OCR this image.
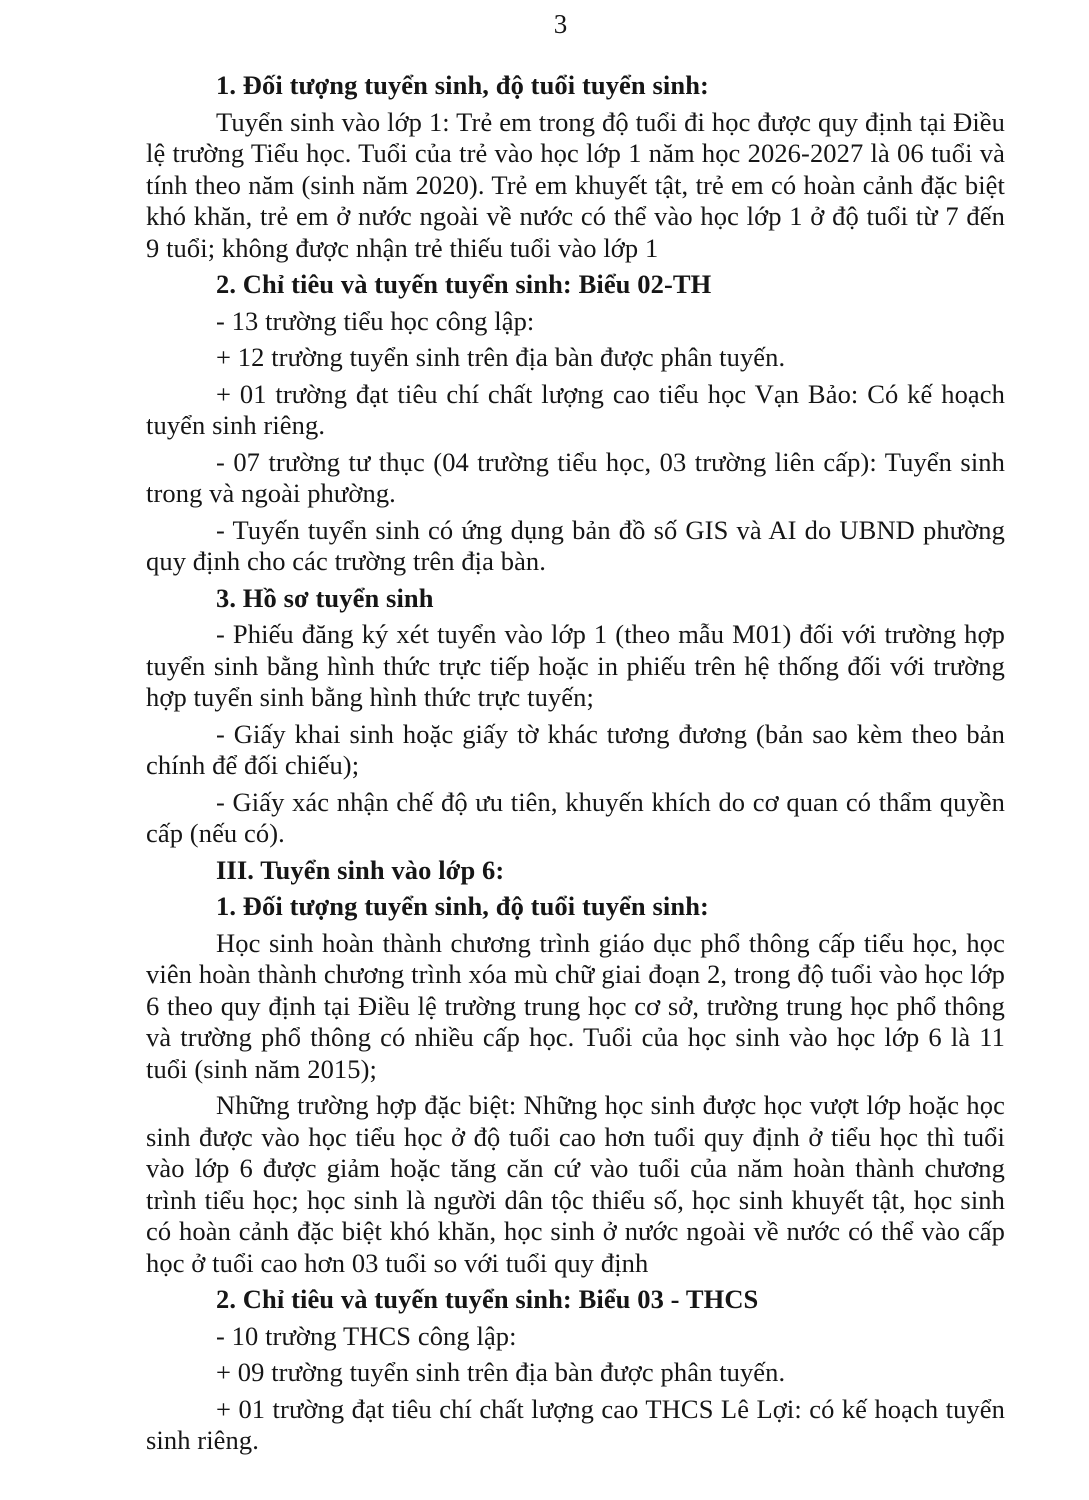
3
1. Đối tượng tuyển sinh, độ tuổi tuyển sinh:
Tuyển sinh vào lớp 1: Trẻ em trong độ tuổi đi học được quy định tại Điều lệ trường Tiểu học. Tuổi của trẻ vào học lớp 1 năm học 2026-2027 là 06 tuổi và tính theo năm (sinh năm 2020). Trẻ em khuyết tật, trẻ em có hoàn cảnh đặc biệt khó khăn, trẻ em ở nước ngoài về nước có thể vào học lớp 1 ở độ tuổi từ 7 đến 9 tuổi; không được nhận trẻ thiếu tuổi vào lớp 1
2. Chỉ tiêu và tuyến tuyển sinh: Biểu 02-TH
- 13 trường tiểu học công lập:
+ 12 trường tuyển sinh trên địa bàn được phân tuyến.
+ 01 trường đạt tiêu chí chất lượng cao tiểu học Vạn Bảo: Có kế hoạch tuyển sinh riêng.
- 07 trường tư thục (04 trường tiểu học, 03 trường liên cấp): Tuyển sinh trong và ngoài phường.
- Tuyến tuyển sinh có ứng dụng bản đồ số GIS và AI do UBND phường quy định cho các trường trên địa bàn.
3. Hồ sơ tuyển sinh
- Phiếu đăng ký xét tuyển vào lớp 1 (theo mẫu M01) đối với trường hợp tuyển sinh bằng hình thức trực tiếp hoặc in phiếu trên hệ thống đối với trường hợp tuyển sinh bằng hình thức trực tuyến;
- Giấy khai sinh hoặc giấy tờ khác tương đương (bản sao kèm theo bản chính để đối chiếu);
- Giấy xác nhận chế độ ưu tiên, khuyến khích do cơ quan có thẩm quyền cấp (nếu có).
III. Tuyển sinh vào lớp 6:
1. Đối tượng tuyển sinh, độ tuổi tuyển sinh:
Học sinh hoàn thành chương trình giáo dục phổ thông cấp tiểu học, học viên hoàn thành chương trình xóa mù chữ giai đoạn 2, trong độ tuổi vào học lớp 6 theo quy định tại Điều lệ trường trung học cơ sở, trường trung học phổ thông và trường phổ thông có nhiều cấp học. Tuổi của học sinh vào học lớp 6 là 11 tuổi (sinh năm 2015);
Những trường hợp đặc biệt: Những học sinh được học vượt lớp hoặc học sinh được vào học tiểu học ở độ tuổi cao hơn tuổi quy định ở tiểu học thì tuổi vào lớp 6 được giảm hoặc tăng căn cứ vào tuổi của năm hoàn thành chương trình tiểu học; học sinh là người dân tộc thiểu số, học sinh khuyết tật, học sinh có hoàn cảnh đặc biệt khó khăn, học sinh ở nước ngoài về nước có thể vào cấp học ở tuổi cao hơn 03 tuổi so với tuổi quy định
2. Chỉ tiêu và tuyến tuyển sinh: Biểu 03 - THCS
- 10 trường THCS công lập:
+ 09 trường tuyển sinh trên địa bàn được phân tuyến.
+ 01 trường đạt tiêu chí chất lượng cao THCS Lê Lợi: có kế hoạch tuyển sinh riêng.
